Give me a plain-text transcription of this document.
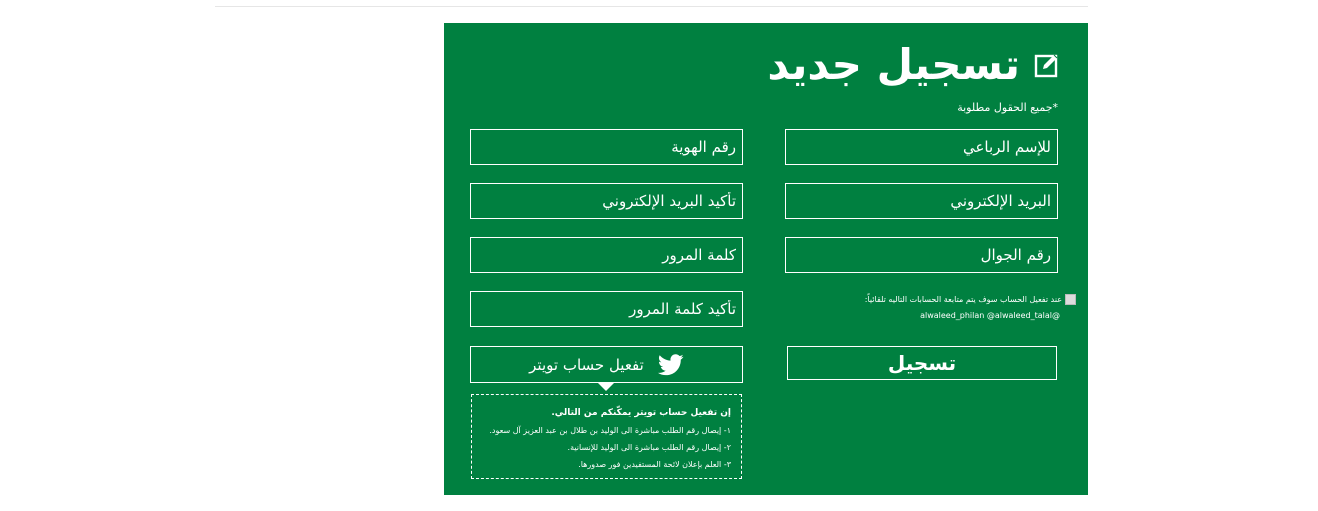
تسجيل جديد
*جميع الحقول مطلوبة
للإسم الرباعي
رقم الهوية
البريد الإلكتروني
تأكيد البريد الإلكتروني
رقم الجوال
عند تفعيل الحساب سوف يتم متابعة الحسابات التاليه تلقائياً:
@alwaleed_philan @alwaleed_talal
تسجيل
تفعيل حساب تويتر
إن تفعيل حساب تويتر يمكّنكم من التالي.
١- إيصال رقم الطلب مباشرة الى الوليد بن طلال بن عبد العزيز آل سعود.
٢- إيصال رقم الطلب مباشرة الى الوليد للإنسانية.
٣- العلم بإعلان لائحة المستفيدين فور صدورها.
